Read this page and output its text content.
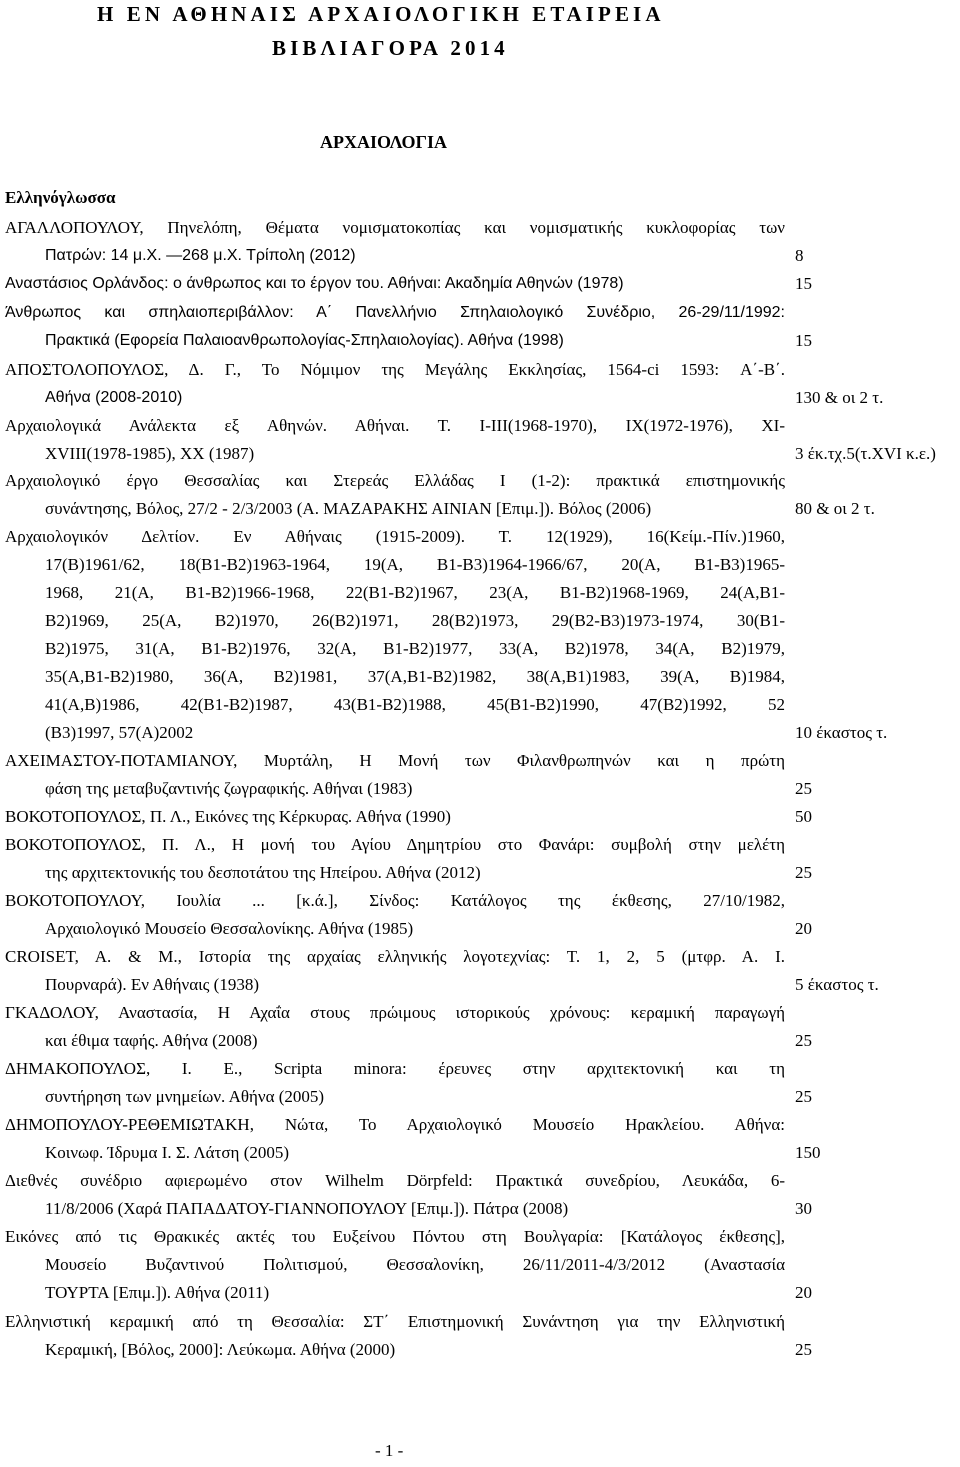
Η ΕΝ ΑΘΗΝΑΙΣ ΑΡΧΑΙΟΛΟΓΙΚΗ ΕΤΑΙΡΕΙΑ
ΒΙΒΛΙΑΓΟΡΑ 2014
ΑΡΧΑΙΟΛΟΓΙΑ
Ελληνόγλωσσα
ΑΓΑΛΛΟΠΟΥΛΟΥ, Πηνελόπη, Θέματα νομισματοκοπίας και νομισματικής κυκλοφορίας των
Πατρών: 14 μ.Χ. ―268 μ.Χ. Τρίπολη (2012)	8
Αναστάσιος Ορλάνδος: ο άνθρωπος και το έργον του. Αθήναι: Ακαδημία Αθηνών (1978)	15
Άνθρωπος και σπηλαιοπεριβάλλον: Α΄ Πανελλήνιο Σπηλαιολογικό Συνέδριο, 26-29/11/1992:
Πρακτικά (Εφορεία Παλαιοανθρωπολογίας-Σπηλαιολογίας). Αθήνα (1998)	15
ΑΠΟΣΤΟΛΟΠΟΥΛΟΣ, Δ. Γ., Το Νόμιμον της Μεγάλης Εκκλησίας, 1564-ci 1593: Α΄-Β΄.
Αθήνα (2008-2010)	130 & οι 2 τ.
Αρχαιολογικά Ανάλεκτα εξ Αθηνών. Αθήναι. Τ. I-III(1968-1970), IX(1972-1976), XI-
XVIII(1978-1985), XX (1987)	3 έκ.τχ.5(τ.XVI κ.ε.)
Αρχαιολογικό έργο Θεσσαλίας και Στερεάς Ελλάδας Ι (1-2): πρακτικά επιστημονικής
συνάντησης, Βόλος, 27/2 - 2/3/2003 (Α. ΜΑΖΑΡΑΚΗΣ ΑΙΝΙΑΝ [Επιμ.]). Βόλος (2006)	80 & οι 2 τ.
Αρχαιολογικόν Δελτίον. Εν Αθήναις (1915-2009). Τ. 12(1929), 16(Κείμ.-Πίν.)1960,
17(Β)1961/62, 18(Β1-Β2)1963-1964, 19(Α, Β1-Β3)1964-1966/67, 20(Α, Β1-Β3)1965-
1968, 21(Α, Β1-Β2)1966-1968, 22(Β1-Β2)1967, 23(Α, Β1-Β2)1968-1969, 24(Α,Β1-
Β2)1969, 25(Α, Β2)1970, 26(Β2)1971, 28(Β2)1973, 29(Β2-Β3)1973-1974, 30(Β1-
Β2)1975, 31(Α, Β1-Β2)1976, 32(Α, Β1-Β2)1977, 33(Α, Β2)1978, 34(Α, Β2)1979,
35(Α,Β1-Β2)1980, 36(Α, Β2)1981, 37(Α,Β1-Β2)1982, 38(Α,Β1)1983, 39(Α, Β)1984,
41(Α,Β)1986, 42(Β1-Β2)1987, 43(Β1-Β2)1988, 45(Β1-Β2)1990, 47(Β2)1992, 52
(Β3)1997, 57(Α)2002	10 έκαστος τ.
ΑΧΕΙΜΑΣΤΟΥ-ΠΟΤΑΜΙΑΝΟΥ, Μυρτάλη, Η Μονή των Φιλανθρωπηνών και η πρώτη
φάση της μεταβυζαντινής ζωγραφικής. Αθήναι (1983)	25
ΒΟΚΟΤΟΠΟΥΛΟΣ, Π. Λ., Εικόνες της Κέρκυρας. Αθήνα (1990)	50
ΒΟΚΟΤΟΠΟΥΛΟΣ, Π. Λ., Η μονή του Αγίου Δημητρίου στο Φανάρι: συμβολή στην μελέτη
της αρχιτεκτονικής του δεσποτάτου της Ηπείρου. Αθήνα (2012)	25
ΒΟΚΟΤΟΠΟΥΛΟΥ, Ιουλία ... [κ.ά.], Σίνδος: Κατάλογος της έκθεσης, 27/10/1982,
Αρχαιολογικό Μουσείο Θεσσαλονίκης. Αθήνα (1985)	20
CROISET, A. & M., Ιστορία της αρχαίας ελληνικής λογοτεχνίας: Τ. 1, 2, 5 (μτφρ. Α. Ι.
Πουρναρά). Εν Αθήναις (1938)	5 έκαστος τ.
ΓΚΑΔΟΛΟΥ, Αναστασία, Η Αχαΐα στους πρώιμους ιστορικούς χρόνους: κεραμική παραγωγή
και έθιμα ταφής. Αθήνα (2008)	25
ΔΗΜΑΚΟΠΟΥΛΟΣ, Ι. Ε., Scripta minora: έρευνες στην αρχιτεκτονική και τη
συντήρηση των μνημείων. Αθήνα (2005)	25
ΔΗΜΟΠΟΥΛΟΥ-ΡΕΘΕΜΙΩΤΑΚΗ, Νώτα, Το Αρχαιολογικό Μουσείο Ηρακλείου. Αθήνα:
Κοινωφ. Ίδρυμα Ι. Σ. Λάτση (2005)	150
Διεθνές συνέδριο αφιερωμένο στον Wilhelm Dörpfeld: Πρακτικά συνεδρίου, Λευκάδα, 6-
11/8/2006 (Χαρά ΠΑΠΑΔΑΤΟΥ-ΓΙΑΝΝΟΠΟΥΛΟΥ [Επιμ.]). Πάτρα (2008)	30
Εικόνες από τις Θρακικές ακτές του Ευξείνου Πόντου στη Βουλγαρία: [Κατάλογος έκθεσης],
Μουσείο Βυζαντινού Πολιτισμού, Θεσσαλονίκη, 26/11/2011-4/3/2012 (Αναστασία
ΤΟΥΡΤΑ [Επιμ.]). Αθήνα (2011)	20
Ελληνιστική κεραμική από τη Θεσσαλία: ΣΤ΄ Επιστημονική Συνάντηση για την Ελληνιστική
Κεραμική, [Βόλος, 2000]: Λεύκωμα. Αθήνα (2000)	25
- 1 -
